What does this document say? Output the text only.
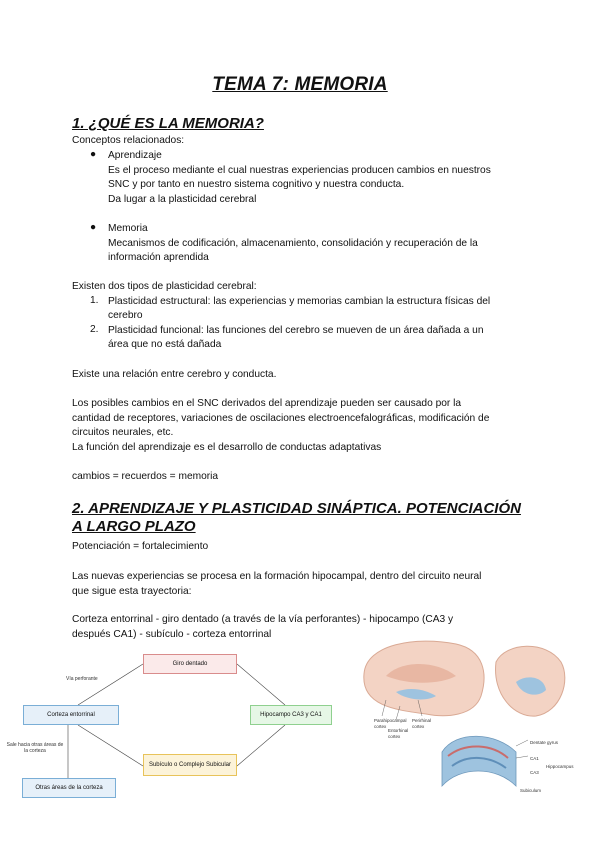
TEMA 7: MEMORIA
1. ¿QUÉ ES LA MEMORIA?
Conceptos relacionados:
● Aprendizaje
Es el proceso mediante el cual nuestras experiencias producen cambios en nuestros
SNC y por tanto en nuestro sistema cognitivo y nuestra conducta.
Da lugar a la plasticidad cerebral
● Memoria
Mecanismos de codificación, almacenamiento, consolidación y recuperación de la
información aprendida
Existen dos tipos de plasticidad cerebral:
1. Plasticidad estructural: las experiencias y memorias cambian la estructura físicas del
cerebro
2. Plasticidad funcional: las funciones del cerebro se mueven de un área dañada a un
área que no está dañada
Existe una relación entre cerebro y conducta.
Los posibles cambios en el SNC derivados del aprendizaje pueden ser causado por la
cantidad de receptores, variaciones de oscilaciones electroencefalográficas, modificación de
circuitos neurales, etc.
La función del aprendizaje es el desarrollo de conductas adaptativas
cambios = recuerdos = memoria
2. APRENDIZAJE Y PLASTICIDAD SINÁPTICA. POTENCIACIÓN
A LARGO PLAZO
Potenciación = fortalecimiento
Las nuevas experiencias se procesa en la formación hipocampal, dentro del circuito neural
que sigue esta trayectoria:
Corteza entorrinal - giro dentado (a través de la vía perforantes) - hipocampo (CA3 y
después CA1) - subículo - corteza entorrinal
Giro dentado
Corteza entorrinal	Hipocampo CA3 y CA1
Subículo o Complejo Subicular
Otras áreas de la corteza
Vía perforante
Sale hacia otras áreas de la corteza
Parahipocampal cortex
Perirhinal cortex
Entorhinal cortex
Dentate gyrus
CA1
Hippocampus
CA3
Subiculum
